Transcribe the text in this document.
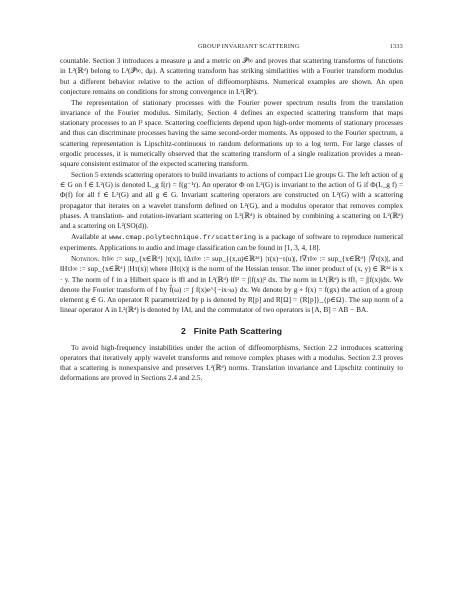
GROUP INVARIANT SCATTERING	1333

countable. Section 3 introduces a measure μ and a metric on 𝒫̄∞ and proves that scattering transforms of functions in L²(ℝᵈ) belong to L²(𝒫̄∞, dμ). A scattering transform has striking similarities with a Fourier transform modulus but a different behavior relative to the action of diffeomorphisms. Numerical examples are shown. An open conjecture remains on conditions for strong convergence in L²(ℝᵈ).

The representation of stationary processes with the Fourier power spectrum results from the translation invariance of the Fourier modulus. Similarly, Section 4 defines an expected scattering transform that maps stationary processes to an l² space. Scattering coefficients depend upon high-order moments of stationary processes and thus can discriminate processes having the same second-order moments. As opposed to the Fourier spectrum, a scattering representation is Lipschitz-continuous to random deformations up to a log term. For large classes of ergodic processes, it is numerically observed that the scattering transform of a single realization provides a mean-square consistent estimator of the expected scattering transform.

Section 5 extends scattering operators to build invariants to actions of compact Lie groups G. The left action of g ∈ G on f ∈ L²(G) is denoted L_g f(r) = f(g⁻¹r). An operator Φ on L²(G) is invariant to the action of G if Φ(L_g f) = Φ(f) for all f ∈ L²(G) and all g ∈ G. Invariant scattering operators are constructed on L²(G) with a scattering propagator that iterates on a wavelet transform defined on L²(G), and a modulus operator that removes complex phases. A translation- and rotation-invariant scattering on L²(ℝᵈ) is obtained by combining a scattering on L²(ℝᵈ) and a scattering on L²(SO(d)).

Available at www.cmap.polytechnique.fr/scattering is a package of software to reproduce numerical experiments. Applications to audio and image classification can be found in [1, 3, 4, 18].

Notation. ‖τ‖∞ := sup_{x∈ℝᵈ} |τ(x)|, ‖Δτ‖∞ := sup_{(x,u)∈ℝ²ᵈ} |τ(x)−τ(u)|, ‖∇τ‖∞ := sup_{x∈ℝᵈ} |∇τ(x)|, and ‖Hτ‖∞ := sup_{x∈ℝᵈ} |Hτ(x)| where |Hτ(x)| is the norm of the Hessian tensor. The inner product of (x, y) ∈ ℝ²ᵈ is x · y. The norm of f in a Hilbert space is ‖f‖ and in L²(ℝᵈ) ‖f‖² = ∫|f(x)|² dx. The norm in L¹(ℝᵈ) is ‖f‖₁ = ∫|f(x)|dx. We denote the Fourier transform of f by f̂(ω) := ∫ f(x)e^{−ix·ω} dx. We denote by g ∘ f(x) = f(gx) the action of a group element g ∈ G. An operator R parametrized by p is denoted by R[p] and R[Ω] = {R[p]}_{p∈Ω}. The sup norm of a linear operator A in L²(ℝᵈ) is denoted by ‖A‖, and the commutator of two operators is [A, B] = AB − BA.

2 Finite Path Scattering

To avoid high-frequency instabilities under the action of diffeomorphisms, Section 2.2 introduces scattering operators that iteratively apply wavelet transforms and remove complex phases with a modulus. Section 2.3 proves that a scattering is nonexpansive and preserves L²(ℝᵈ) norms. Translation invariance and Lipschitz continuity to deformations are proved in Sections 2.4 and 2.5.
